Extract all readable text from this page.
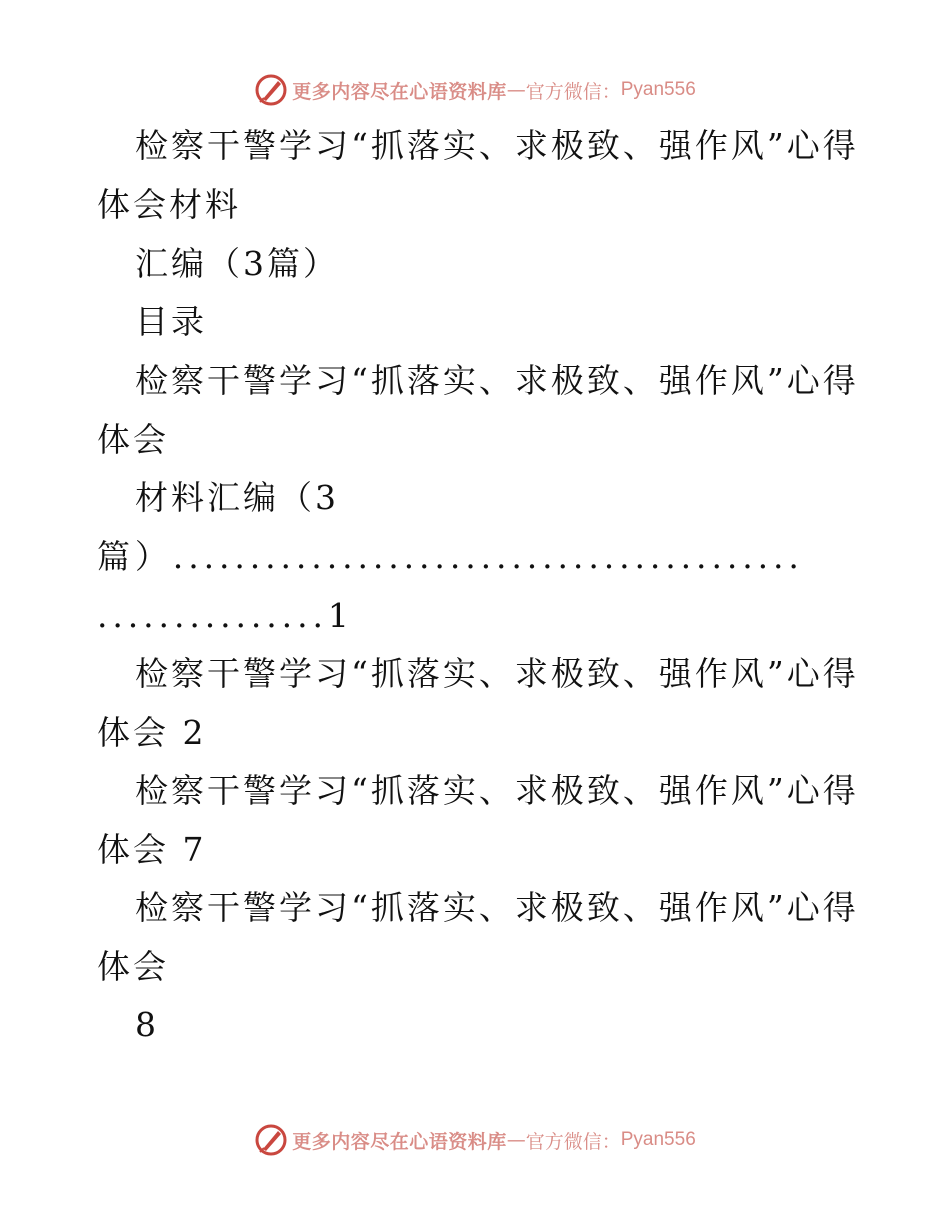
更多内容尽在心语资料库 — 官方微信： Pyan556
检察干警学习“抓落实、求极致、强作风”心得
体会材料
汇编（3篇）
目录
检察干警学习“抓落实、求极致、强作风”心得
体会
材料汇编（3
篇）.........................................
...............1
检察干警学习“抓落实、求极致、强作风”心得
体会 2
检察干警学习“抓落实、求极致、强作风”心得
体会 7
检察干警学习“抓落实、求极致、强作风”心得
体会
8
更多内容尽在心语资料库 — 官方微信： Pyan556
